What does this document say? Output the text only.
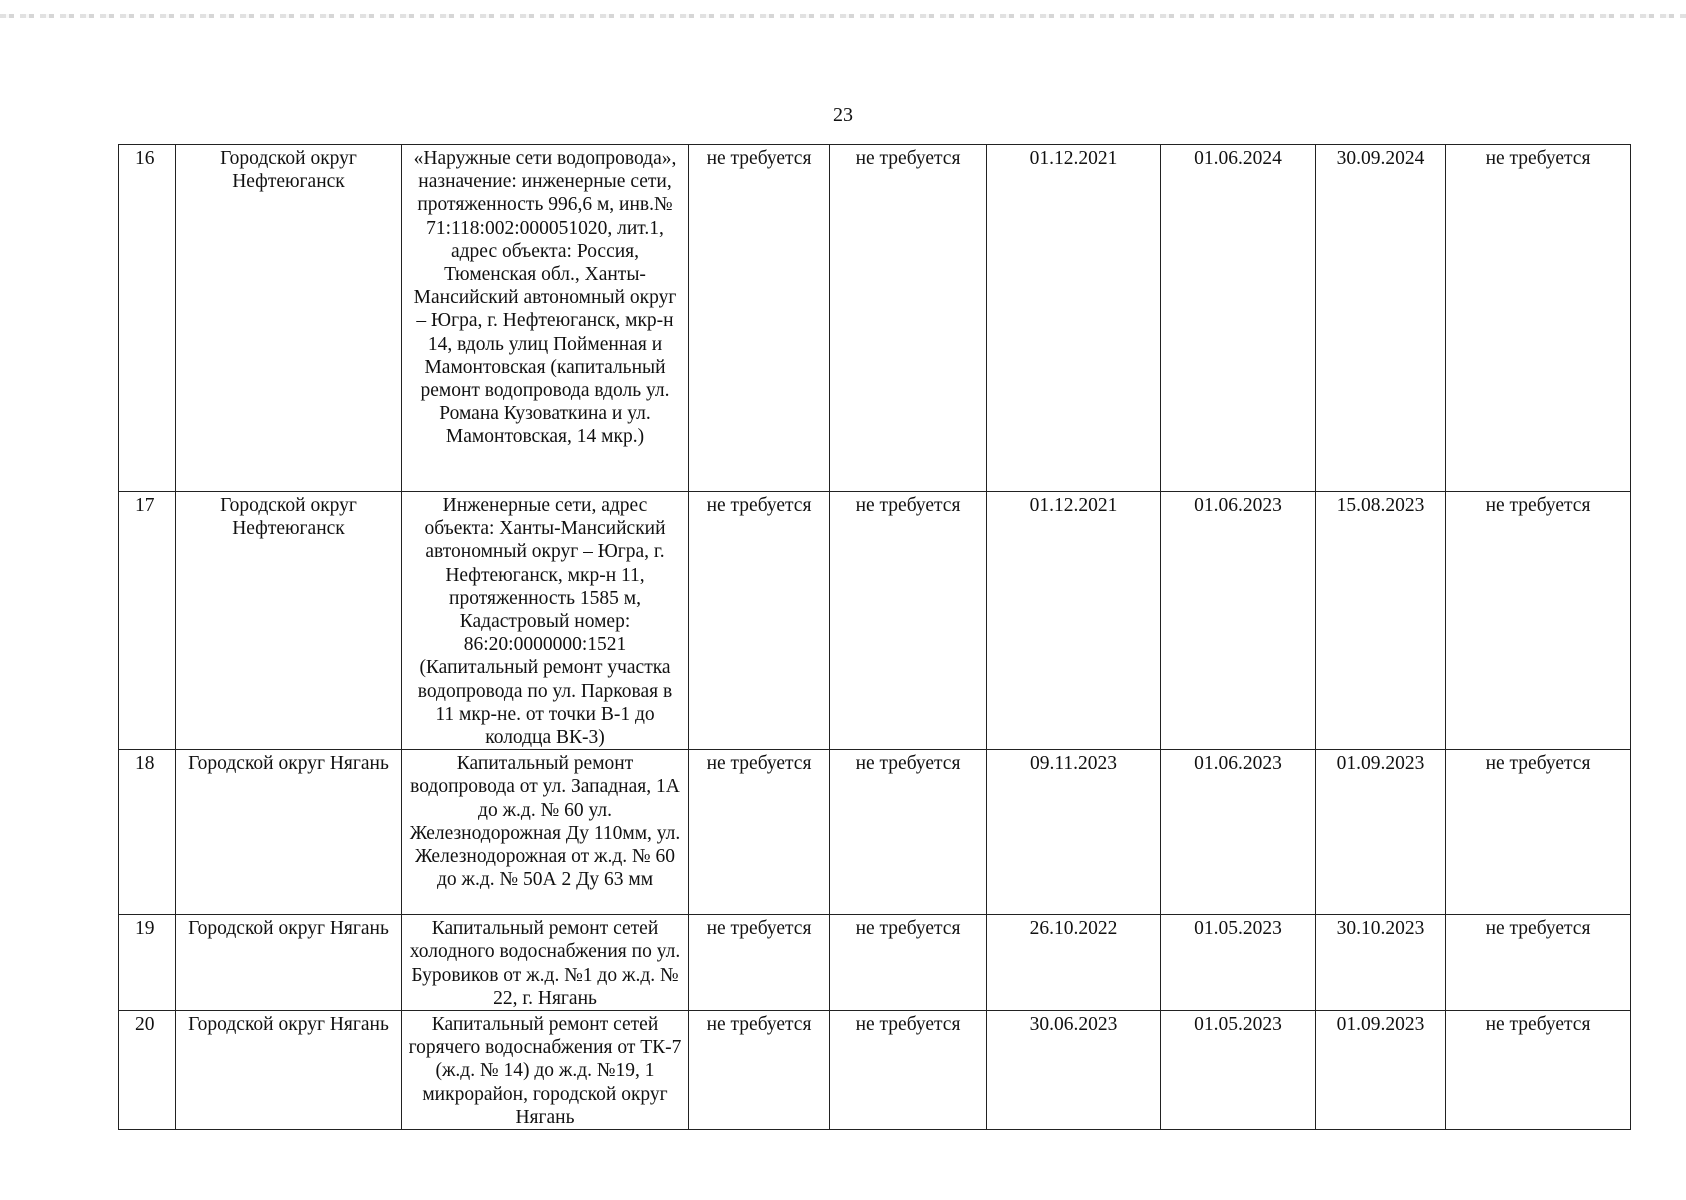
23
16	Городской округ Нефтеюганск	«Наружные сети водопровода», назначение: инженерные сети, протяженность 996,6 м, инв.№ 71:118:002:000051020, лит.1, адрес объекта: Россия, Тюменская обл., Ханты-Мансийский автономный округ – Югра, г. Нефтеюганск, мкр-н 14, вдоль улиц Пойменная и Мамонтовская (капитальный ремонт водопровода вдоль ул. Романа Кузоваткина и ул. Мамонтовская, 14 мкр.)	не требуется	не требуется	01.12.2021	01.06.2024	30.09.2024	не требуется
17	Городской округ Нефтеюганск	Инженерные сети, адрес объекта: Ханты-Мансийский автономный округ – Югра, г. Нефтеюганск, мкр-н 11, протяженность 1585 м, Кадастровый номер: 86:20:0000000:1521 (Капитальный ремонт участка водопровода по ул. Парковая в 11 мкр-не. от точки В-1 до колодца ВК-3)	не требуется	не требуется	01.12.2021	01.06.2023	15.08.2023	не требуется
18	Городской округ Нягань	Капитальный ремонт водопровода от ул. Западная, 1А до ж.д. № 60 ул. Железнодорожная Ду 110мм, ул. Железнодорожная от ж.д. № 60 до ж.д. № 50А 2 Ду 63 мм	не требуется	не требуется	09.11.2023	01.06.2023	01.09.2023	не требуется
19	Городской округ Нягань	Капитальный ремонт сетей холодного водоснабжения по ул. Буровиков от ж.д. №1 до ж.д. № 22, г. Нягань	не требуется	не требуется	26.10.2022	01.05.2023	30.10.2023	не требуется
20	Городской округ Нягань	Капитальный ремонт сетей горячего водоснабжения от ТК-7 (ж.д. № 14) до ж.д. №19, 1 микрорайон, городской округ Нягань	не требуется	не требуется	30.06.2023	01.05.2023	01.09.2023	не требуется
